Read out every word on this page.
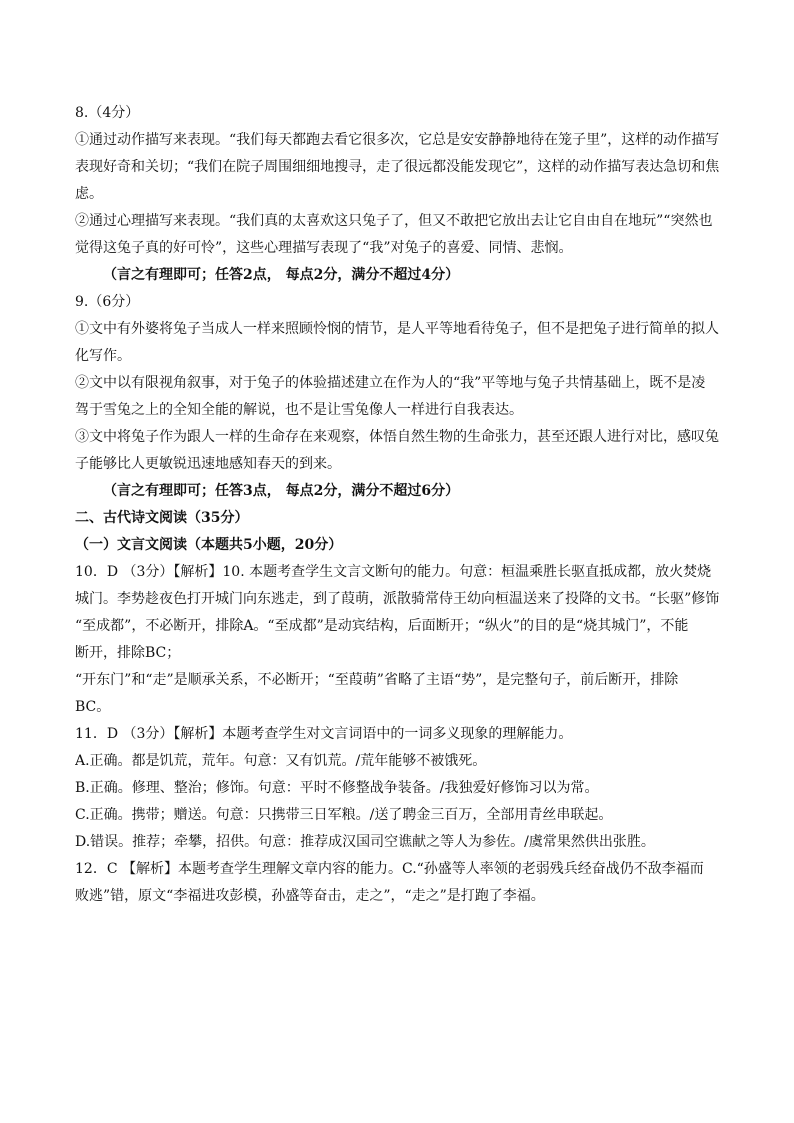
8.（4分）
①通过动作描写来表现。“我们每天都跑去看它很多次，它总是安安静静地待在笼子里”，这样的动作描写
表现好奇和关切；“我们在院子周围细细地搜寻，走了很远都没能发现它”，这样的动作描写表达急切和焦
虑。
②通过心理描写来表现。“我们真的太喜欢这只兔子了，但又不敢把它放出去让它自由自在地玩”“突然也
觉得这兔子真的好可怜”，这些心理描写表现了“我”对兔子的喜爱、同情、悲悯。
（言之有理即可；任答2点， 每点2分，满分不超过4分）
9.（6分）
①文中有外婆将兔子当成人一样来照顾怜悯的情节，是人平等地看待兔子，但不是把兔子进行简单的拟人
化写作。
②文中以有限视角叙事，对于兔子的体验描述建立在作为人的“我”平等地与兔子共情基础上，既不是凌
驾于雪兔之上的全知全能的解说，也不是让雪兔像人一样进行自我表达。
③文中将兔子作为跟人一样的生命存在来观察，体悟自然生物的生命张力，甚至还跟人进行对比，感叹兔
子能够比人更敏锐迅速地感知春天的到来。
（言之有理即可；任答3点， 每点2分，满分不超过6分）
二、古代诗文阅读（35分）
（一）文言文阅读（本题共5小题，20分）
10．D （3分）【解析】10. 本题考查学生文言文断句的能力。句意：桓温乘胜长驱直抵成都，放火焚烧
城门。李势趁夜色打开城门向东逃走，到了葭萌，派散骑常侍王幼向桓温送来了投降的文书。“长驱”修饰
“至成都”，不必断开，排除A。“至成都”是动宾结构，后面断开；“纵火”的目的是“烧其城门”，不能
断开，排除BC；
“开东门”和“走”是顺承关系，不必断开；“至葭萌”省略了主语“势”，是完整句子，前后断开，排除
BC。
11．D （3分）【解析】本题考查学生对文言词语中的一词多义现象的理解能力。
A.正确。都是饥荒，荒年。句意：又有饥荒。/荒年能够不被饿死。
B.正确。修理、整治；修饰。句意：平时不修整战争装备。/我独爱好修饰习以为常。
C.正确。携带；赠送。句意：只携带三日军粮。/送了聘金三百万，全部用青丝串联起。
D.错误。推荐；牵攀，招供。句意：推荐成汉国司空谯献之等人为参佐。/虞常果然供出张胜。
12．C 【解析】本题考查学生理解文章内容的能力。C.“孙盛等人率领的老弱残兵经奋战仍不敌李福而
败逃”错，原文“李福进攻彭模，孙盛等奋击，走之”，“走之”是打跑了李福。
